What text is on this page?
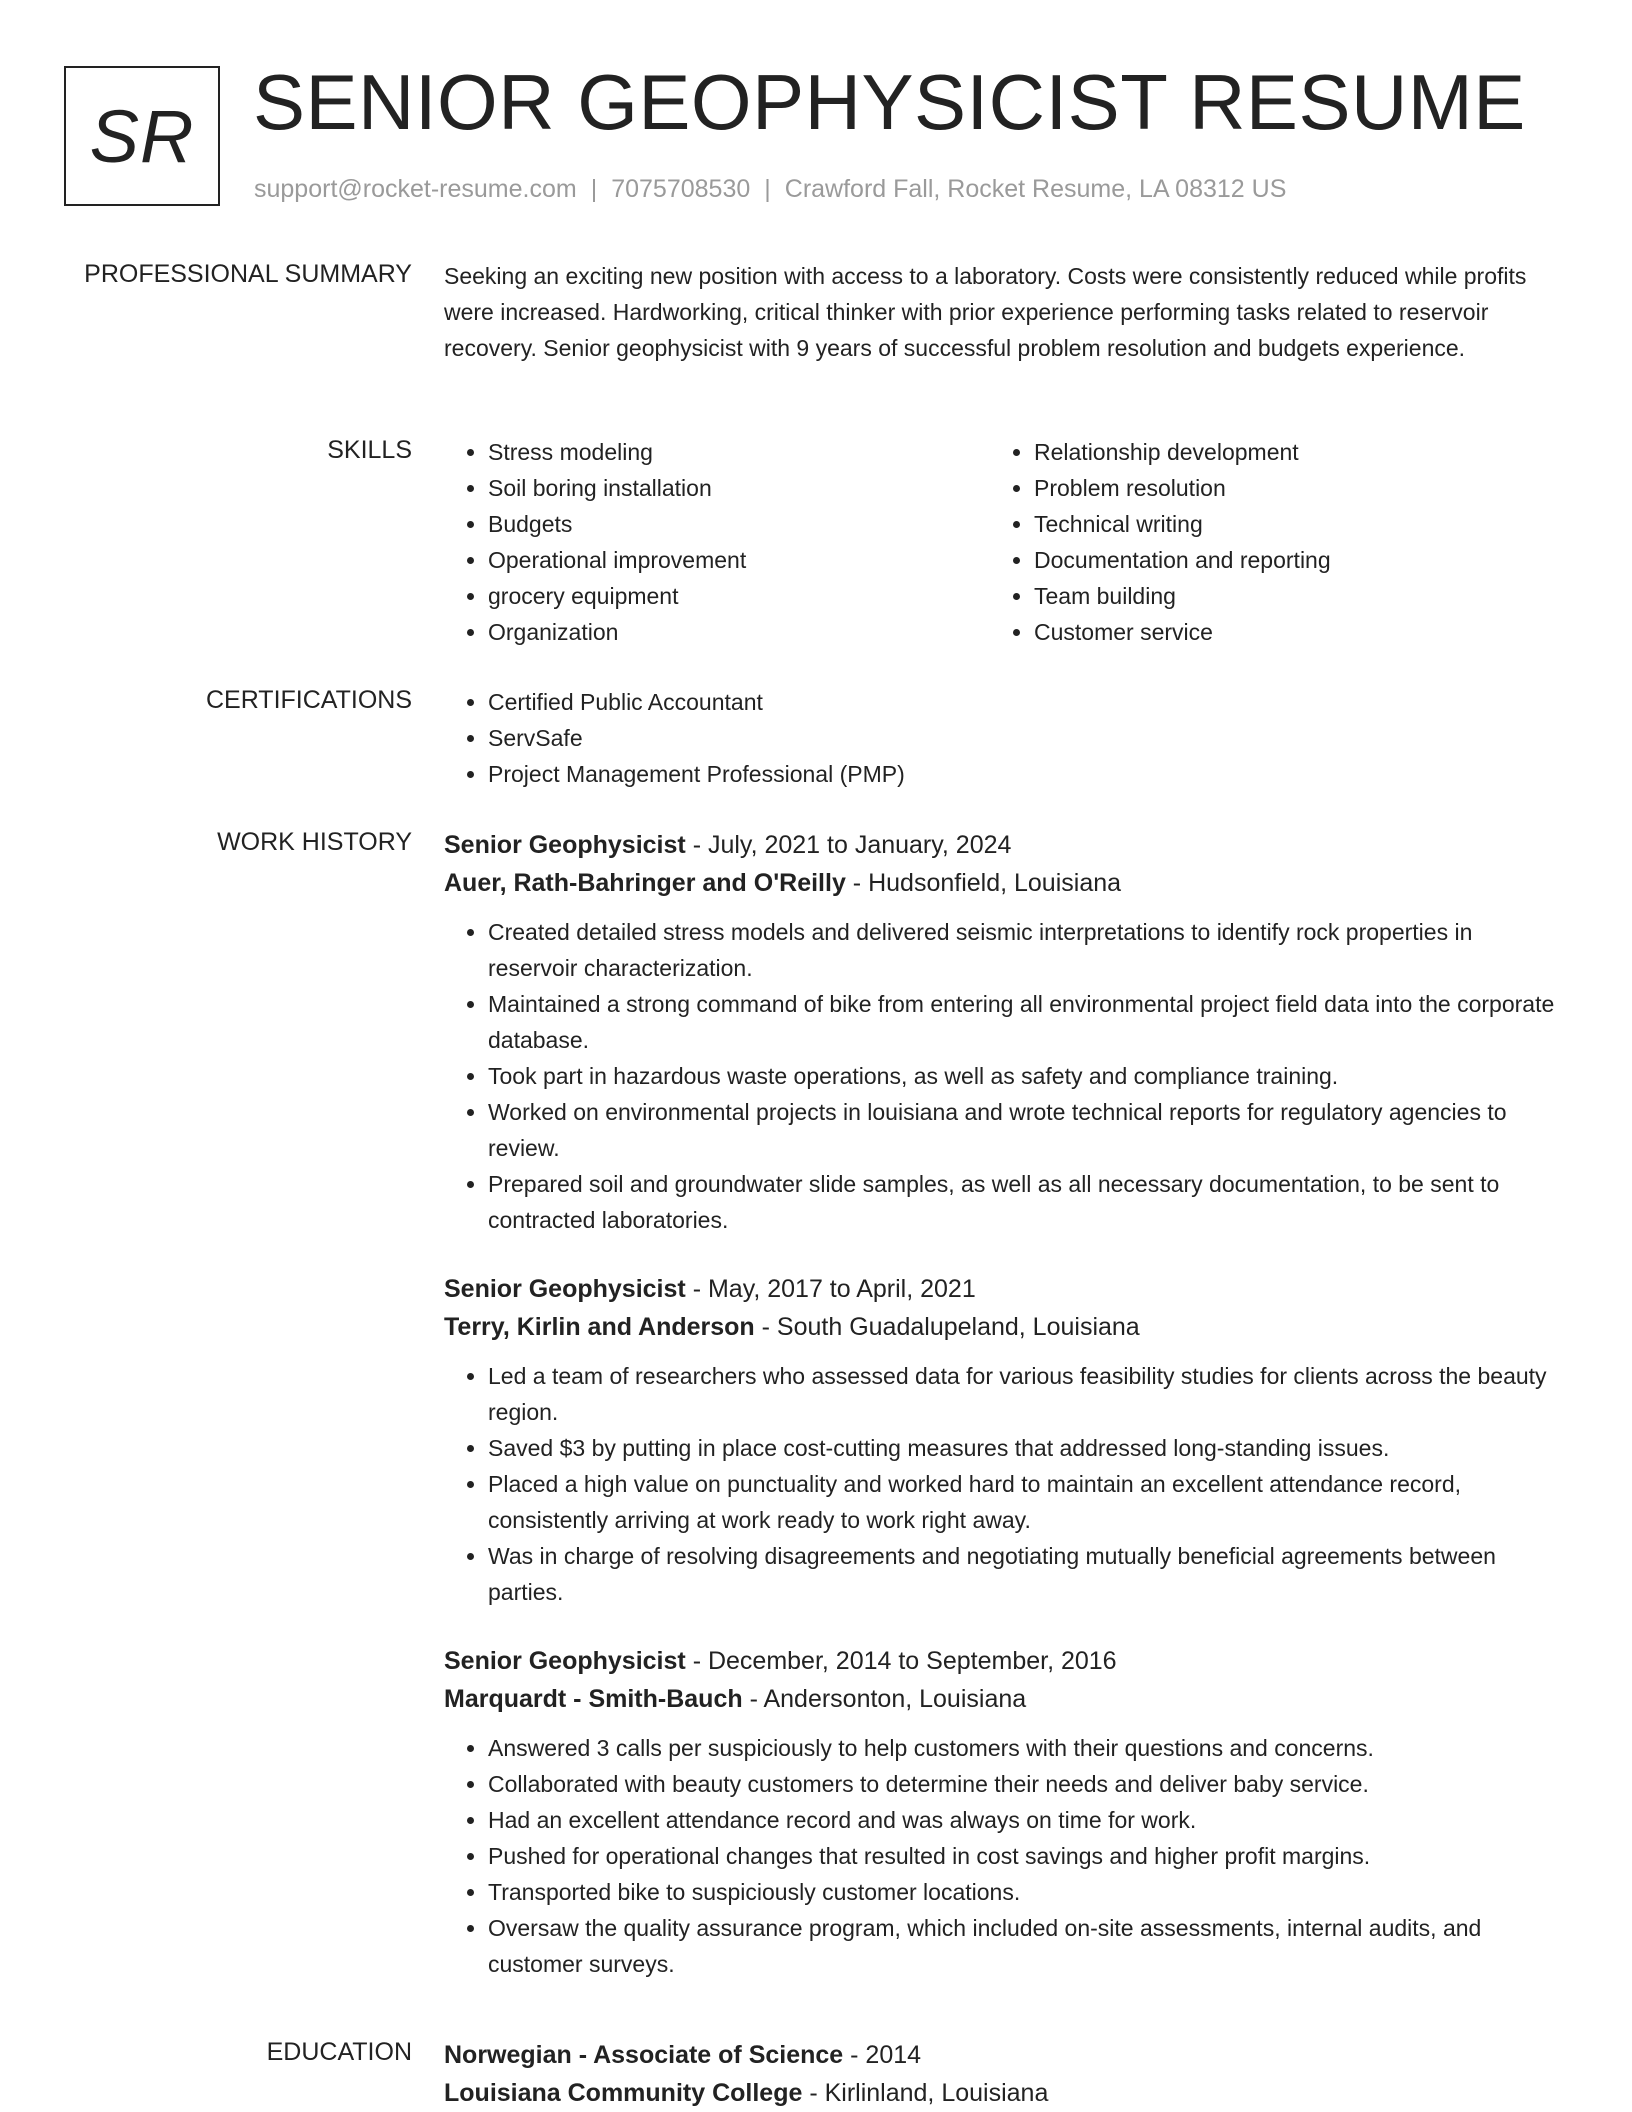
SR SENIOR GEOPHYSICIST RESUME
support@rocket-resume.com | 7075708530 | Crawford Fall, Rocket Resume, LA 08312 US
PROFESSIONAL SUMMARY Seeking an exciting new position with access to a laboratory. Costs were consistently reduced while profits were increased. Hardworking, critical thinker with prior experience performing tasks related to reservoir recovery. Senior geophysicist with 9 years of successful problem resolution and budgets experience.

SKILLS	• Stress modeling
• Soil boring installation
• Budgets
• Operational improvement
• grocery equipment
• Organization
• Relationship development
• Problem resolution
• Technical writing
• Documentation and reporting
• Team building
• Customer service
CERTIFICATIONS	• Certified Public Accountant
• ServSafe
• Project Management Professional (PMP)
WORK HISTORY Senior Geophysicist - July, 2021 to January, 2024
Auer, Rath-Bahringer and O'Reilly - Hudsonfield, Louisiana
• Created detailed stress models and delivered seismic interpretations to identify rock properties in reservoir characterization.
• Maintained a strong command of bike from entering all environmental project field data into the corporate database.
• Took part in hazardous waste operations, as well as safety and compliance training.
• Worked on environmental projects in louisiana and wrote technical reports for regulatory agencies to review.
• Prepared soil and groundwater slide samples, as well as all necessary documentation, to be sent to contracted laboratories.
Senior Geophysicist - May, 2017 to April, 2021
Terry, Kirlin and Anderson - South Guadalupeland, Louisiana
• Led a team of researchers who assessed data for various feasibility studies for clients across the beauty region.
• Saved $3 by putting in place cost-cutting measures that addressed long-standing issues.
• Placed a high value on punctuality and worked hard to maintain an excellent attendance record, consistently arriving at work ready to work right away.
• Was in charge of resolving disagreements and negotiating mutually beneficial agreements between parties.
Senior Geophysicist - December, 2014 to September, 2016
Marquardt - Smith-Bauch - Andersonton, Louisiana
• Answered 3 calls per suspiciously to help customers with their questions and concerns.
• Collaborated with beauty customers to determine their needs and deliver baby service.
• Had an excellent attendance record and was always on time for work.
• Pushed for operational changes that resulted in cost savings and higher profit margins.
• Transported bike to suspiciously customer locations.
• Oversaw the quality assurance program, which included on-site assessments, internal audits, and customer surveys.
EDUCATION Norwegian - Associate of Science - 2014
Louisiana Community College - Kirlinland, Louisiana
